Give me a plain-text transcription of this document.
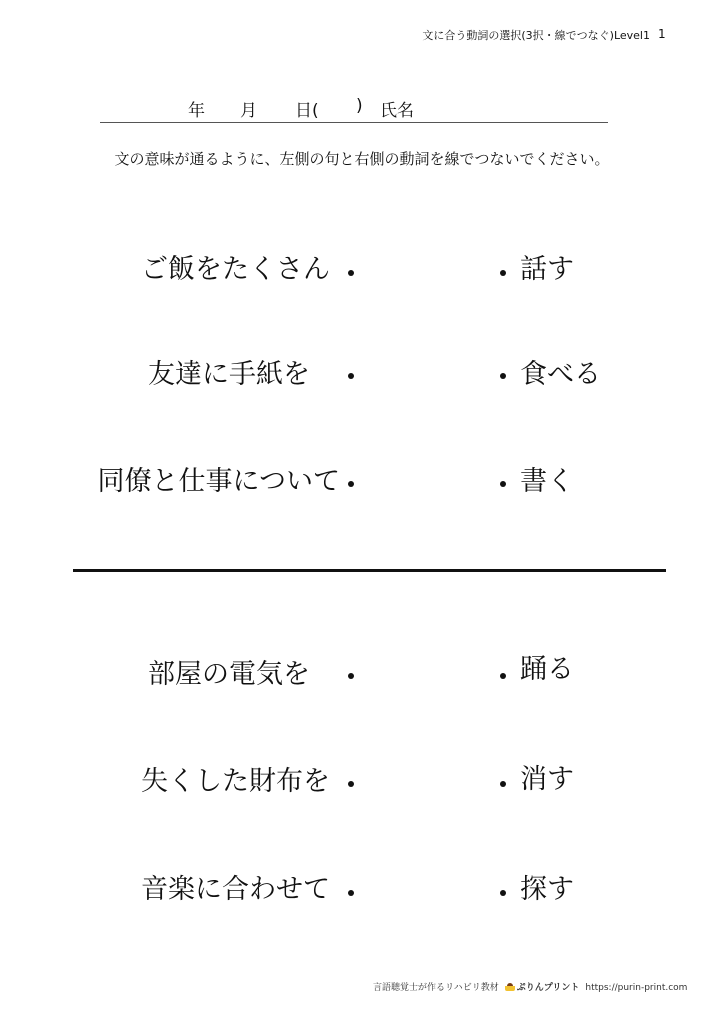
文に合う動詞の選択(3択・線でつなぐ)Level1 1
年 月 日( ) 氏名
文の意味が通るように、左側の句と右側の動詞を線でつないでください。
ご飯をたくさん	話す
友達に手紙を	食べる
同僚と仕事について	書く
部屋の電気を	踊る
失くした財布を	消す
音楽に合わせて	探す
言語聴覚士が作るリハビリ教材 ぷりんプリント https://purin-print.com
